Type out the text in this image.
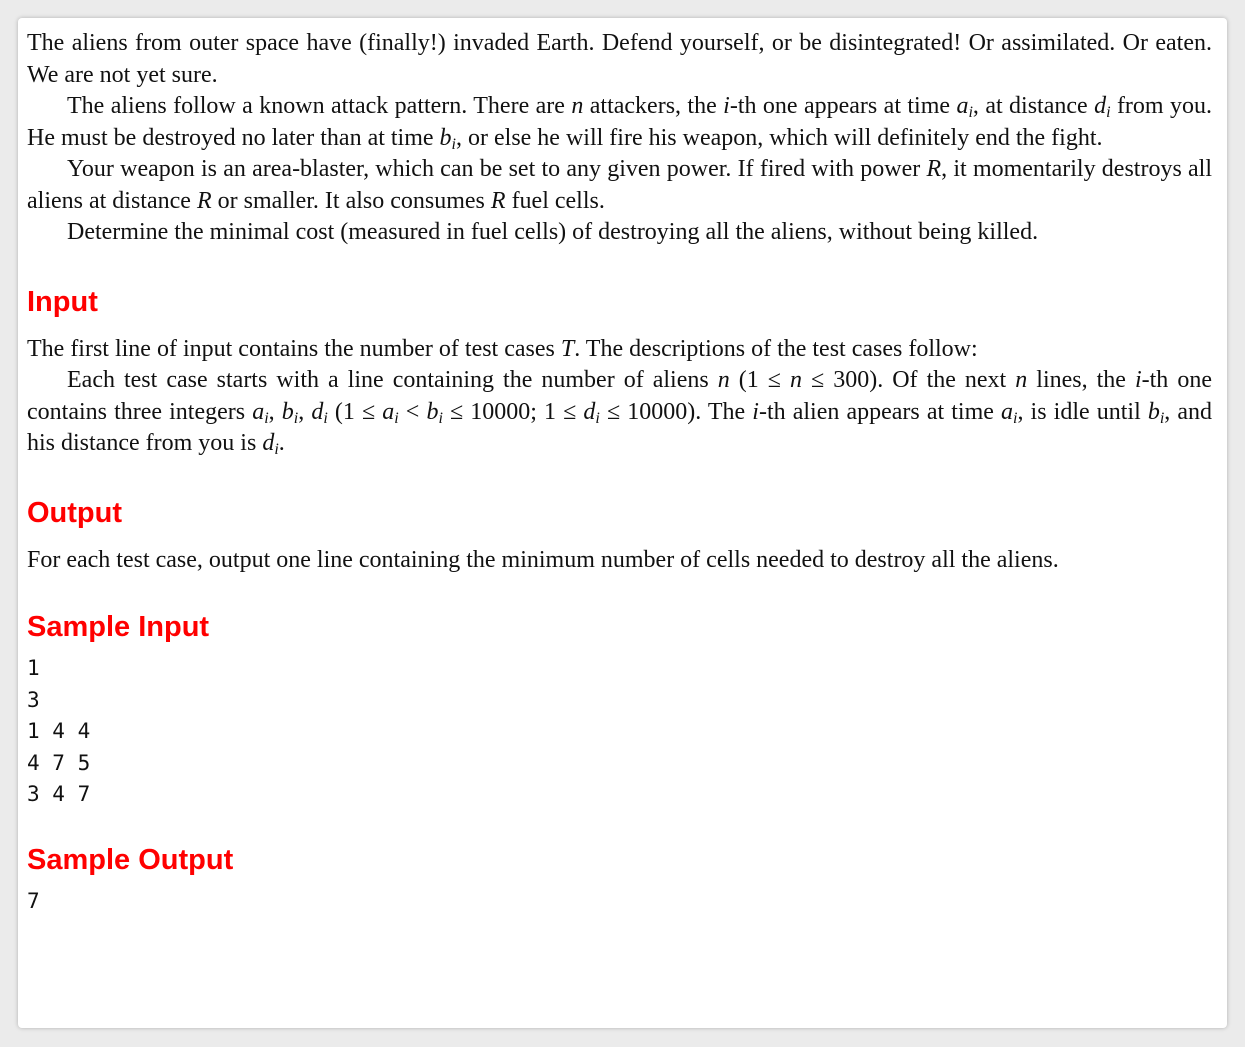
The aliens from outer space have (finally!) invaded Earth. Defend yourself, or be disintegrated! Or assimilated. Or eaten. We are not yet sure.

The aliens follow a known attack pattern. There are n attackers, the i-th one appears at time $a_i$, at distance $d_i$ from you. He must be destroyed no later than at time $b_i$, or else he will fire his weapon, which will definitely end the fight.

Your weapon is an area-blaster, which can be set to any given power. If fired with power R, it momentarily destroys all aliens at distance R or smaller. It also consumes R fuel cells.

Determine the minimal cost (measured in fuel cells) of destroying all the aliens, without being killed.

Input

The first line of input contains the number of test cases T. The descriptions of the test cases follow:

Each test case starts with a line containing the number of aliens n (1 ≤ n ≤ 300). Of the next n lines, the i-th one contains three integers $a_i$, $b_i$, $d_i$ ($1 \le a_i < b_i \le 10000$; $1 \le d_i \le 10000$). The i-th alien appears at time $a_i$, is idle until $b_i$, and his distance from you is $d_i$.

Output

For each test case, output one line containing the minimum number of cells needed to destroy all the aliens.

Sample Input
1
3
1 4 4
4 7 5
3 4 7
Sample Output
7
